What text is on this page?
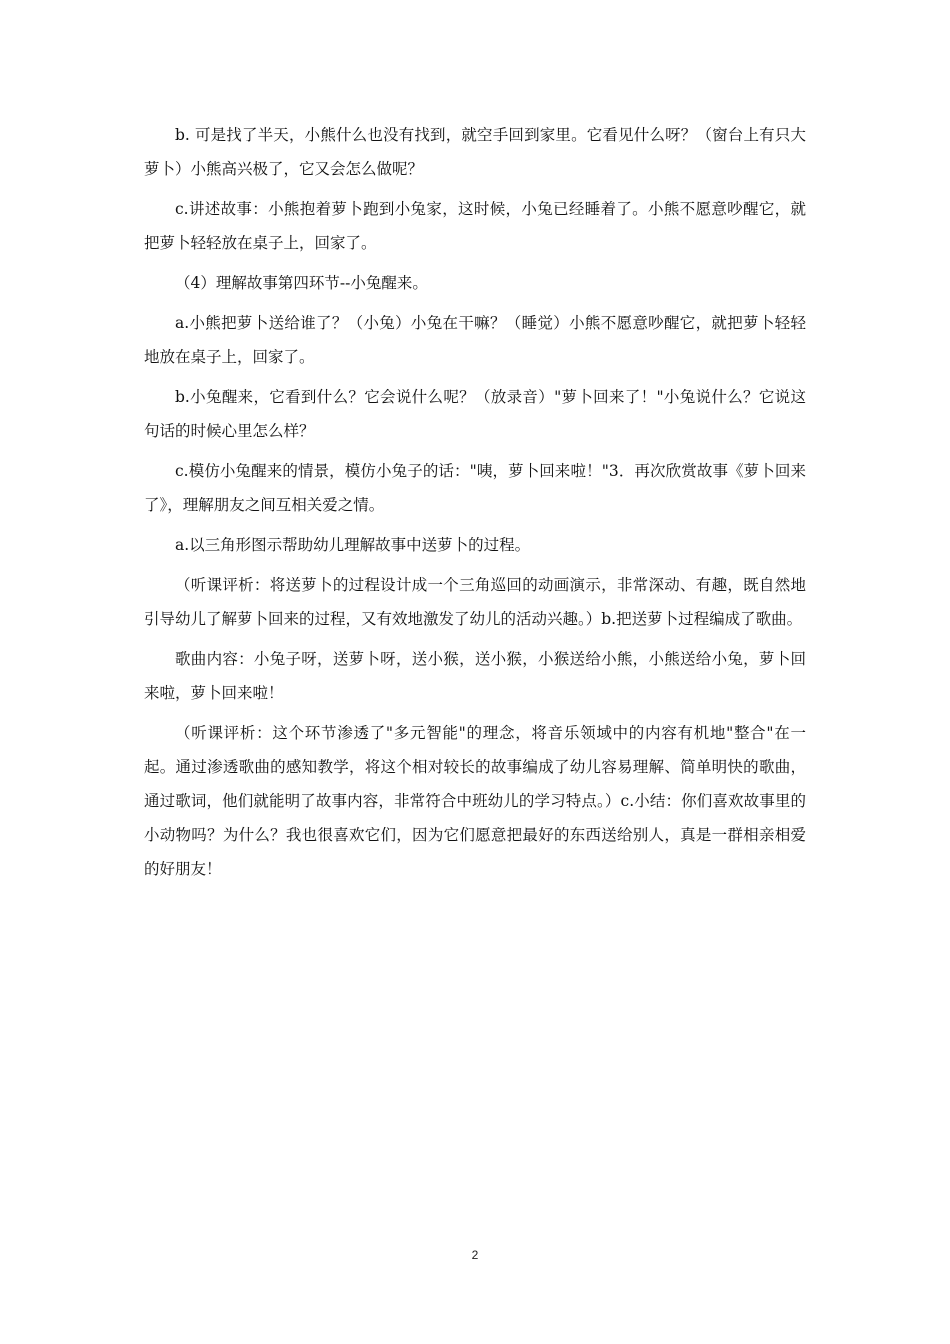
b. 可是找了半天，小熊什么也没有找到，就空手回到家里。它看见什么呀？（窗台上有只大萝卜）小熊高兴极了，它又会怎么做呢？

c.讲述故事：小熊抱着萝卜跑到小兔家，这时候，小兔已经睡着了。小熊不愿意吵醒它，就把萝卜轻轻放在桌子上，回家了。

（4）理解故事第四环节--小兔醒来。

a.小熊把萝卜送给谁了？（小兔）小兔在干嘛？（睡觉）小熊不愿意吵醒它，就把萝卜轻轻地放在桌子上，回家了。

b.小兔醒来，它看到什么？它会说什么呢？（放录音）"萝卜回来了！"小兔说什么？它说这句话的时候心里怎么样？

c.模仿小兔醒来的情景，模仿小兔子的话："咦，萝卜回来啦！"3．再次欣赏故事《萝卜回来了》，理解朋友之间互相关爱之情。

a.以三角形图示帮助幼儿理解故事中送萝卜的过程。

（听课评析：将送萝卜的过程设计成一个三角巡回的动画演示，非常深动、有趣，既自然地引导幼儿了解萝卜回来的过程，又有效地激发了幼儿的活动兴趣。）b.把送萝卜过程编成了歌曲。

歌曲内容：小兔子呀，送萝卜呀，送小猴，送小猴，小猴送给小熊，小熊送给小兔，萝卜回来啦，萝卜回来啦！

（听课评析：这个环节渗透了"多元智能"的理念，将音乐领域中的内容有机地"整合"在一起。通过渗透歌曲的感知教学，将这个相对较长的故事编成了幼儿容易理解、简单明快的歌曲，通过歌词，他们就能明了故事内容，非常符合中班幼儿的学习特点。）c.小结：你们喜欢故事里的小动物吗？为什么？我也很喜欢它们，因为它们愿意把最好的东西送给别人，真是一群相亲相爱的好朋友！

2
